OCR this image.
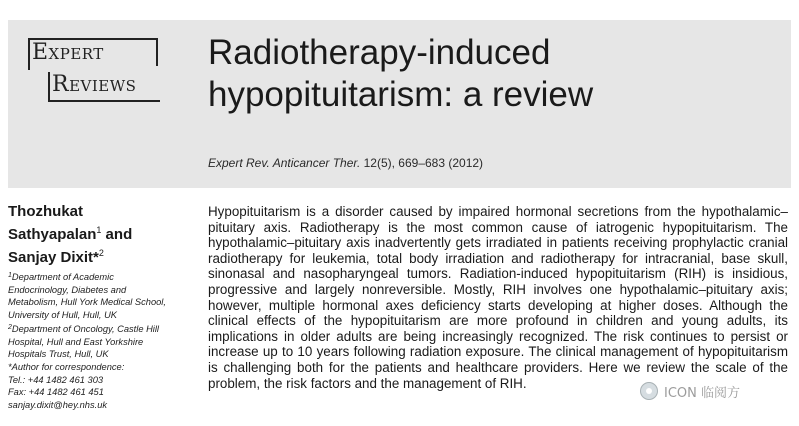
Expert
Reviews
Radiotherapy-induced hypopituitarism: a review
Expert Rev. Anticancer Ther. 12(5), 669–683 (2012)
Thozhukat
Sathyapalan$^1$ and
Sanjay Dixit*$^2$
$^1$Department of Academic
Endocrinology, Diabetes and
Metabolism, Hull York Medical School,
University of Hull, Hull, UK
$^2$Department of Oncology, Castle Hill
Hospital, Hull and East Yorkshire
Hospitals Trust, Hull, UK
*Author for correspondence:
Tel.: +44 1482 461 303
Fax: +44 1482 461 451
sanjay.dixit@hey.nhs.uk

Hypopituitarism is a disorder caused by impaired hormonal secretions from the hypothalamic–pituitary axis. Radiotherapy is the most common cause of iatrogenic hypopituitarism. The hypothalamic–pituitary axis inadvertently gets irradiated in patients receiving prophylactic cranial radiotherapy for leukemia, total body irradiation and radiotherapy for intracranial, base skull, sinonasal and nasopharyngeal tumors. Radiation-induced hypopituitarism (RIH) is insidious, progressive and largely nonreversible. Mostly, RIH involves one hypothalamic–pituitary axis; however, multiple hormonal axes deficiency starts developing at higher doses. Although the clinical effects of the hypopituitarism are more profound in children and young adults, its implications in older adults are being increasingly recognized. The risk continues to persist or increase up to 10 years following radiation exposure. The clinical management of hypopituitarism is challenging both for the patients and healthcare providers. Here we review the scale of the problem, the risk factors and the management of RIH.

ICON 临阅方
